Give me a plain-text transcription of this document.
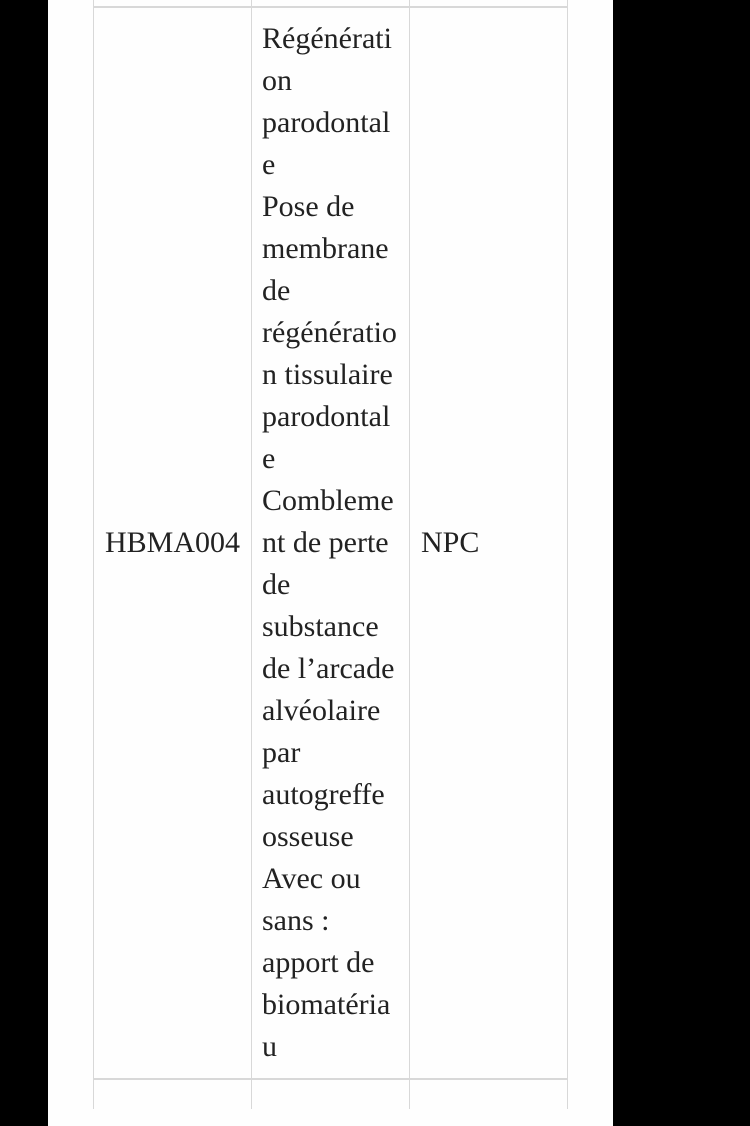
HBMA004	Régénération parodontale
Pose de membrane de régénération tissulaire parodontale
Comblement de perte de substance de l’arcade alvéolaire par autogreffe osseuse
Avec ou sans : apport de biomatériau	NPC
